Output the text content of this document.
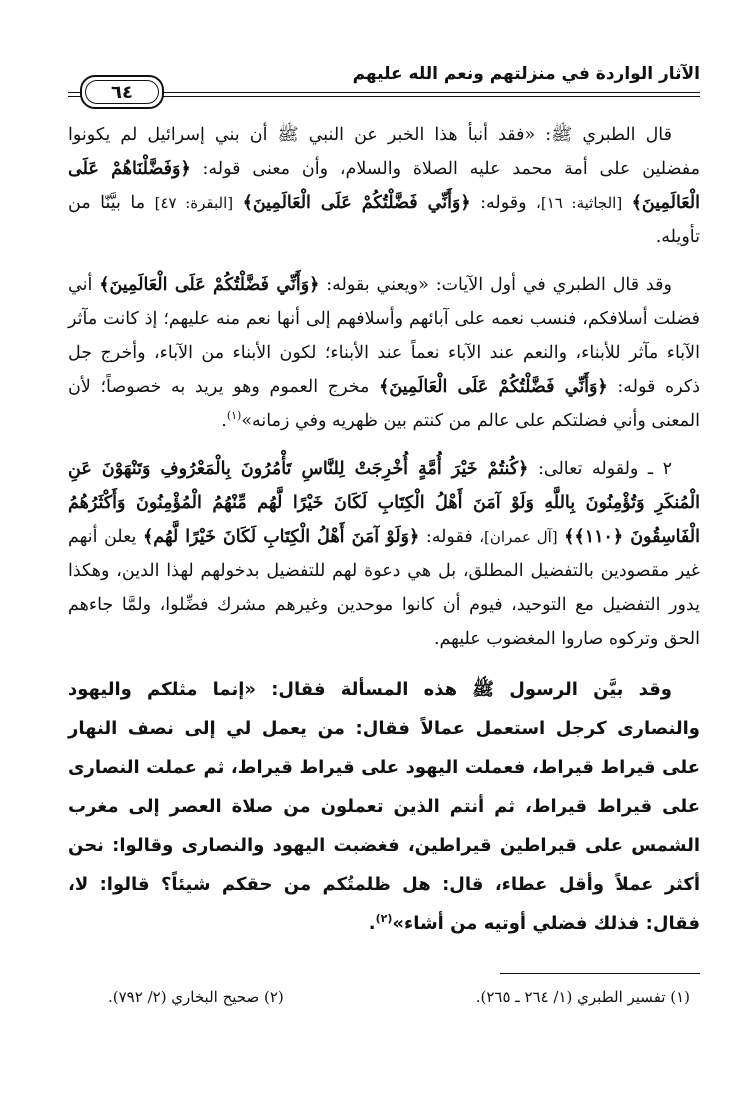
الآثار الواردة في منزلتهم ونعم الله عليهم
٦٤

قال الطبري ﷺ: «فقد أنبأ هذا الخبر عن النبي ﷺ أن بني إسرائيل لم يكونوا مفضلين على أمة محمد عليه الصلاة والسلام، وأن معنى قوله: ﴿وَفَضَّلْنَاهُمْ عَلَى الْعَالَمِينَ﴾ [الجاثية: ١٦]، وقوله: ﴿وَأَنِّي فَضَّلْتُكُمْ عَلَى الْعَالَمِينَ﴾ [البقرة: ٤٧] ما بيَّنّا من تأويله.

وقد قال الطبري في أول الآيات: «ويعني بقوله: ﴿وَأَنِّي فَضَّلْتُكُمْ عَلَى الْعَالَمِينَ﴾ أني فضلت أسلافكم، فنسب نعمه على آبائهم وأسلافهم إلى أنها نعم منه عليهم؛ إذ كانت مآثر الآباء مآثر للأبناء، والنعم عند الآباء نعماً عند الأبناء؛ لكون الأبناء من الآباء، وأخرج جل ذكره قوله: ﴿وَأَنِّي فَضَّلْتُكُمْ عَلَى الْعَالَمِينَ﴾ مخرج العموم وهو يريد به خصوصاً؛ لأن المعنى وأني فضلتكم على عالم من كنتم بين ظهريه وفي زمانه»$^{(١)}$.

٢ ـ ولقوله تعالى: ﴿كُنتُمْ خَيْرَ أُمَّةٍ أُخْرِجَتْ لِلنَّاسِ تَأْمُرُونَ بِالْمَعْرُوفِ وَتَنْهَوْنَ عَنِ الْمُنكَرِ وَتُؤْمِنُونَ بِاللَّهِ وَلَوْ آمَنَ أَهْلُ الْكِتَابِ لَكَانَ خَيْرًا لَّهُم مِّنْهُمُ الْمُؤْمِنُونَ وَأَكْثَرُهُمُ الْفَاسِقُونَ ﴿١١٠﴾﴾ [آل عمران]، فقوله: ﴿وَلَوْ آمَنَ أَهْلُ الْكِتَابِ لَكَانَ خَيْرًا لَّهُم﴾ يعلن أنهم غير مقصودين بالتفضيل المطلق، بل هي دعوة لهم للتفضيل بدخولهم لهذا الدين، وهكذا يدور التفضيل مع التوحيد، فيوم أن كانوا موحدين وغيرهم مشرك فضِّلوا، ولمَّا جاءهم الحق وتركوه صاروا المغضوب عليهم.

وقد بيَّن الرسول ﷺ هذه المسألة فقال: «إنما مثلكم واليهود والنصارى كرجل استعمل عمالاً فقال: من يعمل لي إلى نصف النهار على قيراط قيراط، فعملت اليهود على قيراط قيراط، ثم عملت النصارى على قيراط قيراط، ثم أنتم الذين تعملون من صلاة العصر إلى مغرب الشمس على قيراطين قيراطين، فغضبت اليهود والنصارى وقالوا: نحن أكثر عملاً وأقل عطاء، قال: هل ظلمتُكم من حقكم شيئاً؟ قالوا: لا، فقال: فذلك فضلي أوتيه من أشاء»$^{(٢)}$.

(١) تفسير الطبري (١/ ٢٦٤ ـ ٢٦٥).
(٢) صحيح البخاري (٢/ ٧٩٢).
